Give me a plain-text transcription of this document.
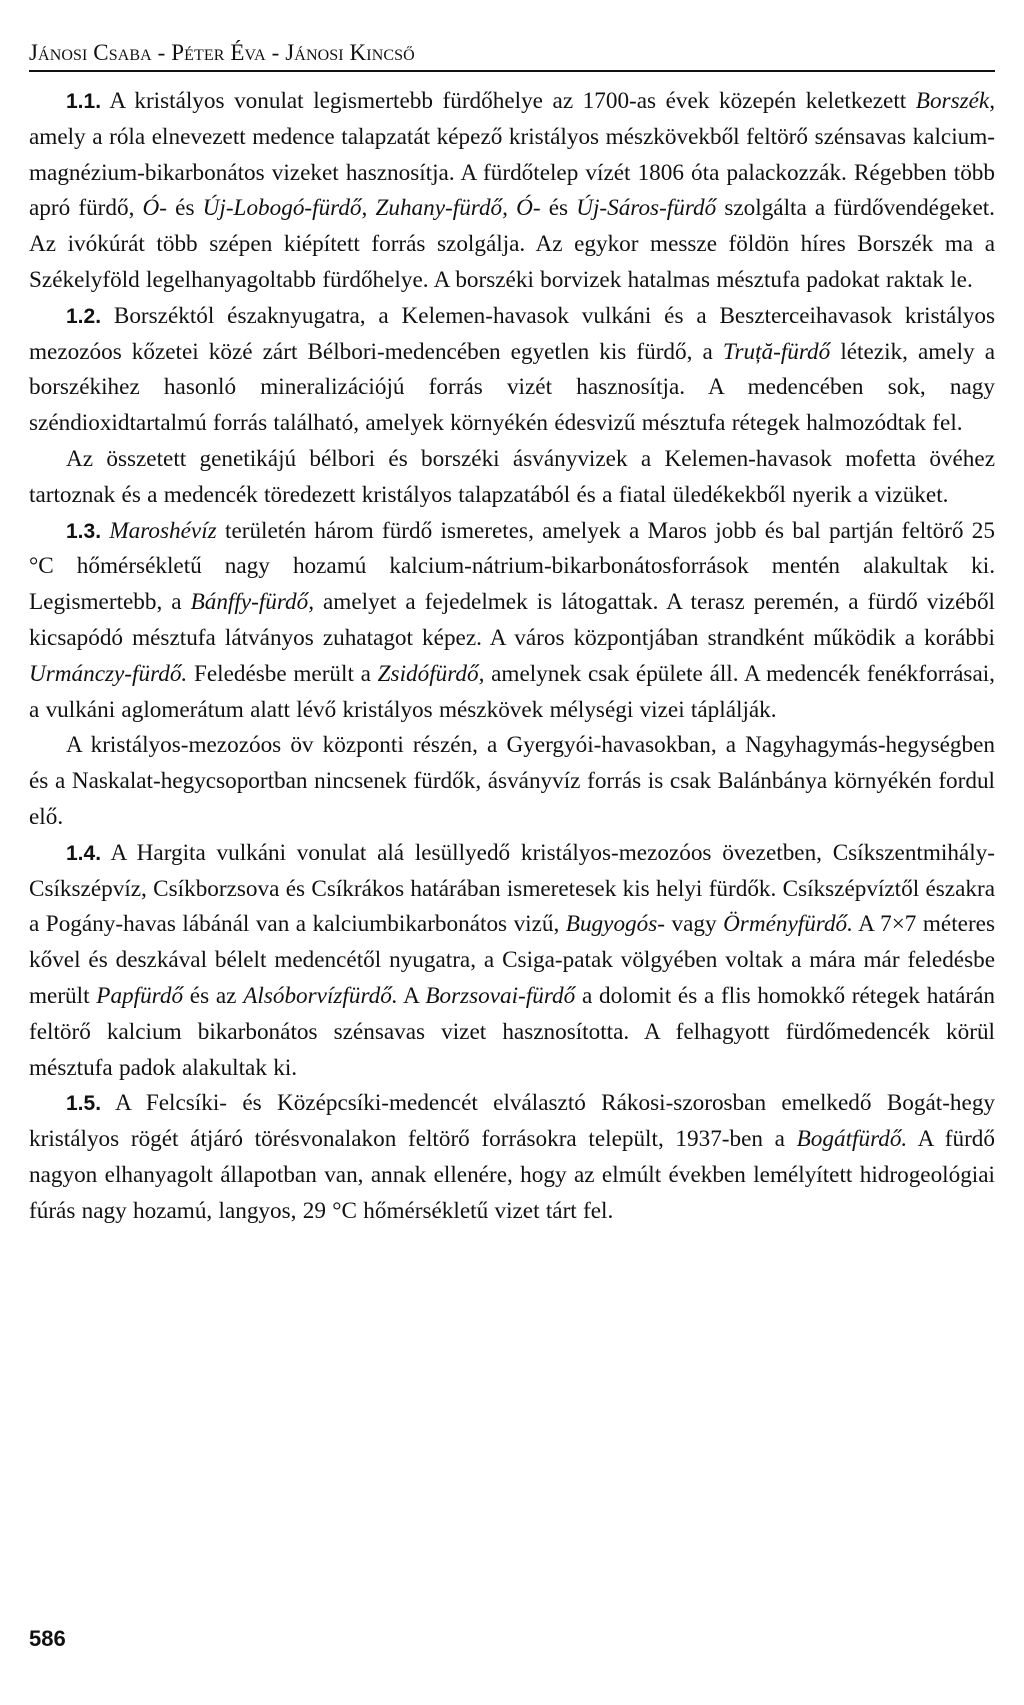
Jánosi Csaba - Péter Éva - Jánosi Kincső

1.1. A kristályos vonulat legismertebb fürdőhelye az 1700-as évek közepén keletkezett Borszék, amely a róla elnevezett medence talapzatát képező kristályos mészkövekből feltörő szénsavas kalcium-magnézium-bikarbonátos vizeket hasznosítja. A fürdőtelep vízét 1806 óta palackozzák. Régebben több apró fürdő, Ó- és Új-Lobogó-fürdő, Zuhany-fürdő, Ó- és Új-Sáros-fürdő szolgálta a fürdővendégeket. Az ivókúrát több szépen kiépített forrás szolgálja. Az egykor messze földön híres Borszék ma a Székelyföld legelhanyagoltabb fürdőhelye. A borszéki borvizek hatalmas mésztufa padokat raktak le.

1.2. Borszéktól északnyugatra, a Kelemen-havasok vulkáni és a Beszterceihavasok kristályos mezozóos kőzetei közé zárt Bélbori-medencében egyetlen kis fürdő, a Truță-fürdő létezik, amely a borszékihez hasonló mineralizációjú forrás vizét hasznosítja. A medencében sok, nagy széndioxidtartalmú forrás található, amelyek környékén édesvizű mésztufa rétegek halmozódtak fel.

Az összetett genetikájú bélbori és borszéki ásványvizek a Kelemen-havasok mofetta övéhez tartoznak és a medencék töredezett kristályos talapzatából és a fiatal üledékekből nyerik a vizüket.

1.3. Maroshévíz területén három fürdő ismeretes, amelyek a Maros jobb és bal partján feltörő 25 °C hőmérsékletű nagy hozamú kalcium-nátrium-bikarbonátosforrások mentén alakultak ki. Legismertebb, a Bánffy-fürdő, amelyet a fejedelmek is látogattak. A terasz peremén, a fürdő vizéből kicsapódó mésztufa látványos zuhatagot képez. A város központjában strandként működik a korábbi Urmánczy-fürdő. Feledésbe merült a Zsidófürdő, amelynek csak épülete áll. A medencék fenékforrásai, a vulkáni aglomerátum alatt lévő kristályos mészkövek mélységi vizei táplálják.

A kristályos-mezozóos öv központi részén, a Gyergyói-havasokban, a Nagyhagymás-hegységben és a Naskalat-hegycsoportban nincsenek fürdők, ásványvíz forrás is csak Balánbánya környékén fordul elő.

1.4. A Hargita vulkáni vonulat alá lesüllyedő kristályos-mezozóos övezetben, Csíkszentmihály-Csíkszépvíz, Csíkborzsova és Csíkrákos határában ismeretesek kis helyi fürdők. Csíkszépvíztől északra a Pogány-havas lábánál van a kalciumbikarbonátos vizű, Bugyogós- vagy Örményfürdő. A 7×7 méteres kővel és deszkával bélelt medencétől nyugatra, a Csiga-patak völgyében voltak a mára már feledésbe merült Papfürdő és az Alsóborvízfürdő. A Borzsovai-fürdő a dolomit és a flis homokkő rétegek határán feltörő kalcium bikarbonátos szénsavas vizet hasznosította. A felhagyott fürdőmedencék körül mésztufa padok alakultak ki.

1.5. A Felcsíki- és Középcsíki-medencét elválasztó Rákosi-szorosban emelkedő Bogát-hegy kristályos rögét átjáró törésvonalakon feltörő forrásokra települt, 1937-ben a Bogátfürdő. A fürdő nagyon elhanyagolt állapotban van, annak ellenére, hogy az elmúlt években lemélyített hidrogeológiai fúrás nagy hozamú, langyos, 29 °C hőmérsékletű vizet tárt fel.

586
